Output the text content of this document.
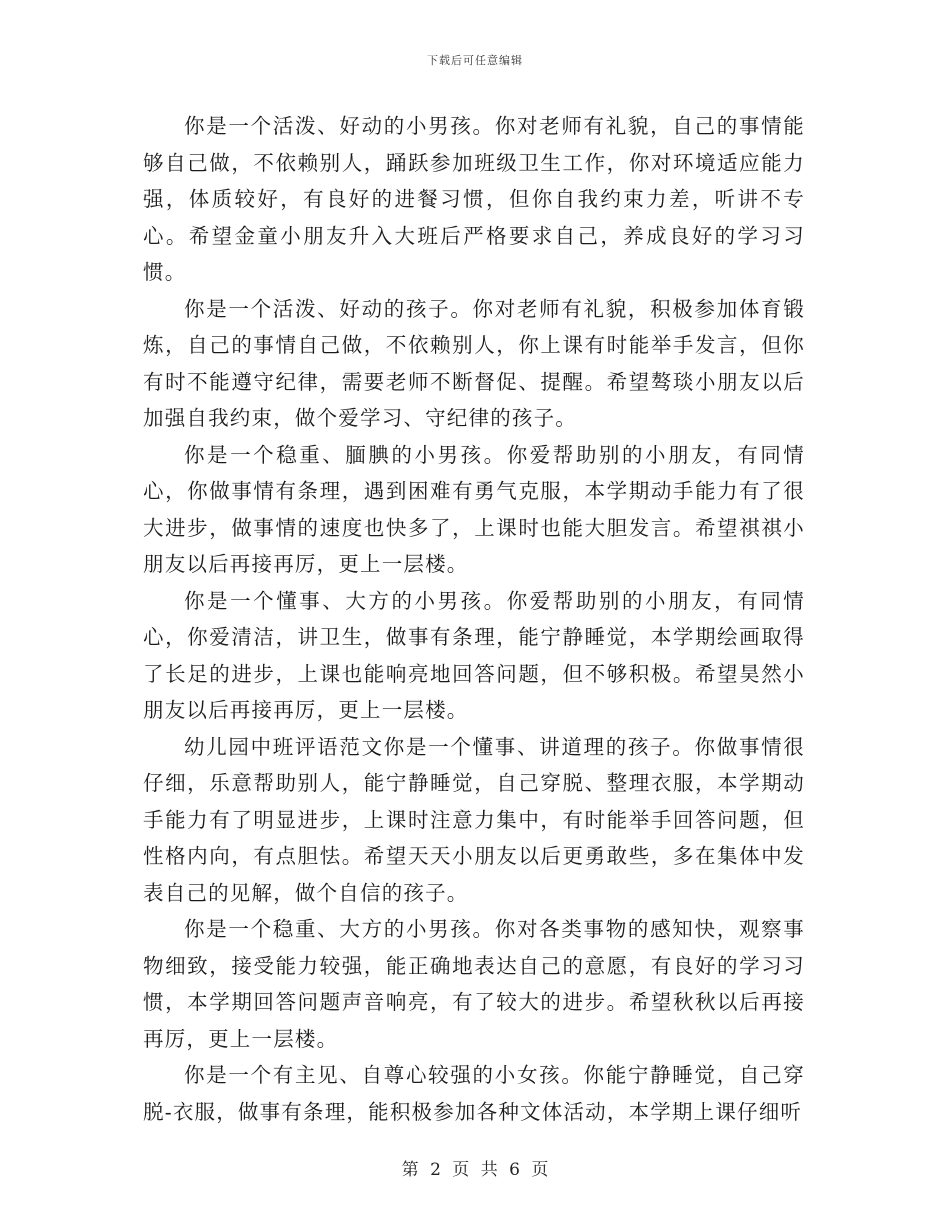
下载后可任意编辑

你是一个活泼、好动的小男孩。你对老师有礼貌，自己的事情能够自己做，不依赖别人，踊跃参加班级卫生工作，你对环境适应能力强，体质较好，有良好的进餐习惯，但你自我约束力差，听讲不专心。希望金童小朋友升入大班后严格要求自己，养成良好的学习习惯。

你是一个活泼、好动的孩子。你对老师有礼貌，积极参加体育锻炼，自己的事情自己做，不依赖别人，你上课有时能举手发言，但你有时不能遵守纪律，需要老师不断督促、提醒。希望骜琰小朋友以后加强自我约束，做个爱学习、守纪律的孩子。

你是一个稳重、腼腆的小男孩。你爱帮助别的小朋友，有同情心，你做事情有条理，遇到困难有勇气克服，本学期动手能力有了很大进步，做事情的速度也快多了，上课时也能大胆发言。希望祺祺小朋友以后再接再厉，更上一层楼。

你是一个懂事、大方的小男孩。你爱帮助别的小朋友，有同情心，你爱清洁，讲卫生，做事有条理，能宁静睡觉，本学期绘画取得了长足的进步，上课也能响亮地回答问题，但不够积极。希望昊然小朋友以后再接再厉，更上一层楼。

幼儿园中班评语范文你是一个懂事、讲道理的孩子。你做事情很仔细，乐意帮助别人，能宁静睡觉，自己穿脱、整理衣服，本学期动手能力有了明显进步，上课时注意力集中，有时能举手回答问题，但性格内向，有点胆怯。希望天天小朋友以后更勇敢些，多在集体中发表自己的见解，做个自信的孩子。

你是一个稳重、大方的小男孩。你对各类事物的感知快，观察事物细致，接受能力较强，能正确地表达自己的意愿，有良好的学习习惯，本学期回答问题声音响亮，有了较大的进步。希望秋秋以后再接再厉，更上一层楼。

你是一个有主见、自尊心较强的小女孩。你能宁静睡觉，自己穿脱-衣服，做事有条理，能积极参加各种文体活动，本学期上课仔细听

第 2 页 共 6 页
